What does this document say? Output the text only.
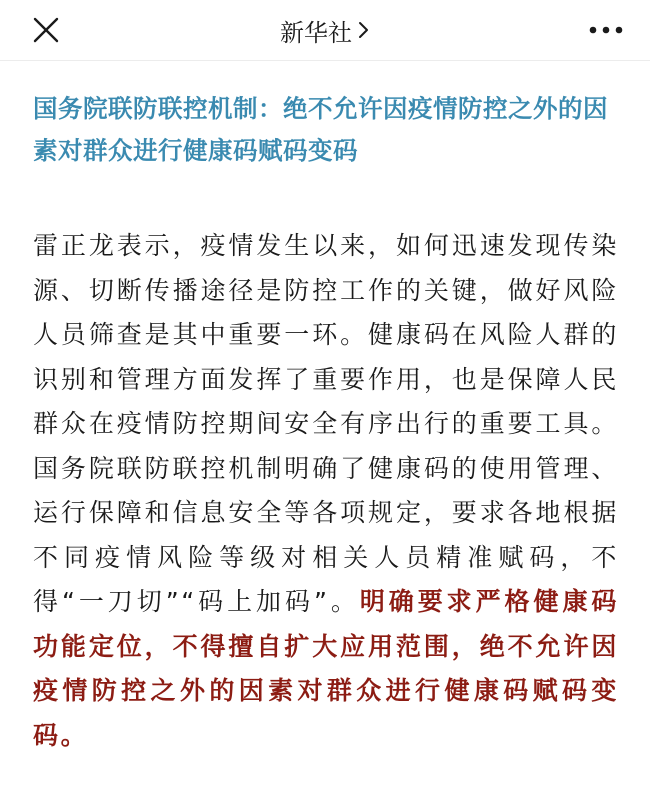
新华社
国务院联防联控机制：绝不允许因疫情防控之外的因素对群众进行健康码赋码变码

雷正龙表示，疫情发生以来，如何迅速发现传染源、切断传播途径是防控工作的关键，做好风险人员筛查是其中重要一环。健康码在风险人群的识别和管理方面发挥了重要作用，也是保障人民群众在疫情防控期间安全有序出行的重要工具。国务院联防联控机制明确了健康码的使用管理、运行保障和信息安全等各项规定，要求各地根据不同疫情风险等级对相关人员精准赋码，不得“一刀切”“码上加码”。明确要求严格健康码功能定位，不得擅自扩大应用范围，绝不允许因疫情防控之外的因素对群众进行健康码赋码变码。
